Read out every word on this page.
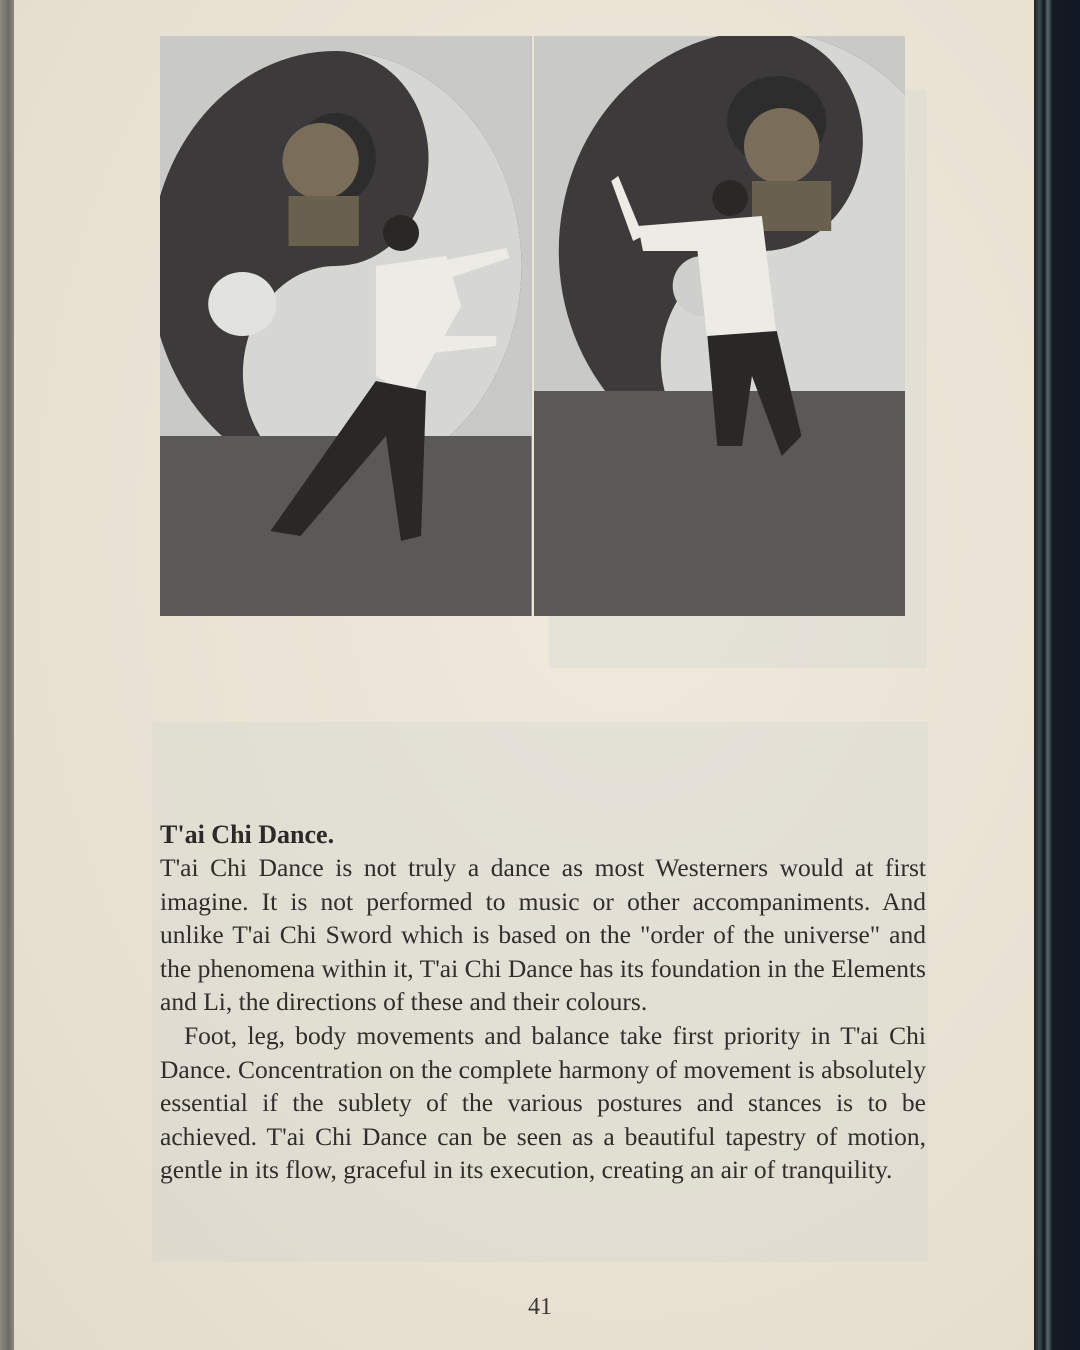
T'ai Chi Dance.

T'ai Chi Dance is not truly a dance as most Westerners would at first imagine. It is not performed to music or other accompaniments. And unlike T'ai Chi Sword which is based on the "order of the universe" and the phenomena within it, T'ai Chi Dance has its foundation in the Elements and Li, the directions of these and their colours.

Foot, leg, body movements and balance take first priority in T'ai Chi Dance. Concentration on the complete harmony of movement is absolutely essential if the sublety of the various postures and stances is to be achieved. T'ai Chi Dance can be seen as a beautiful tapestry of motion, gentle in its flow, graceful in its execution, creating an air of tranquility.

41
